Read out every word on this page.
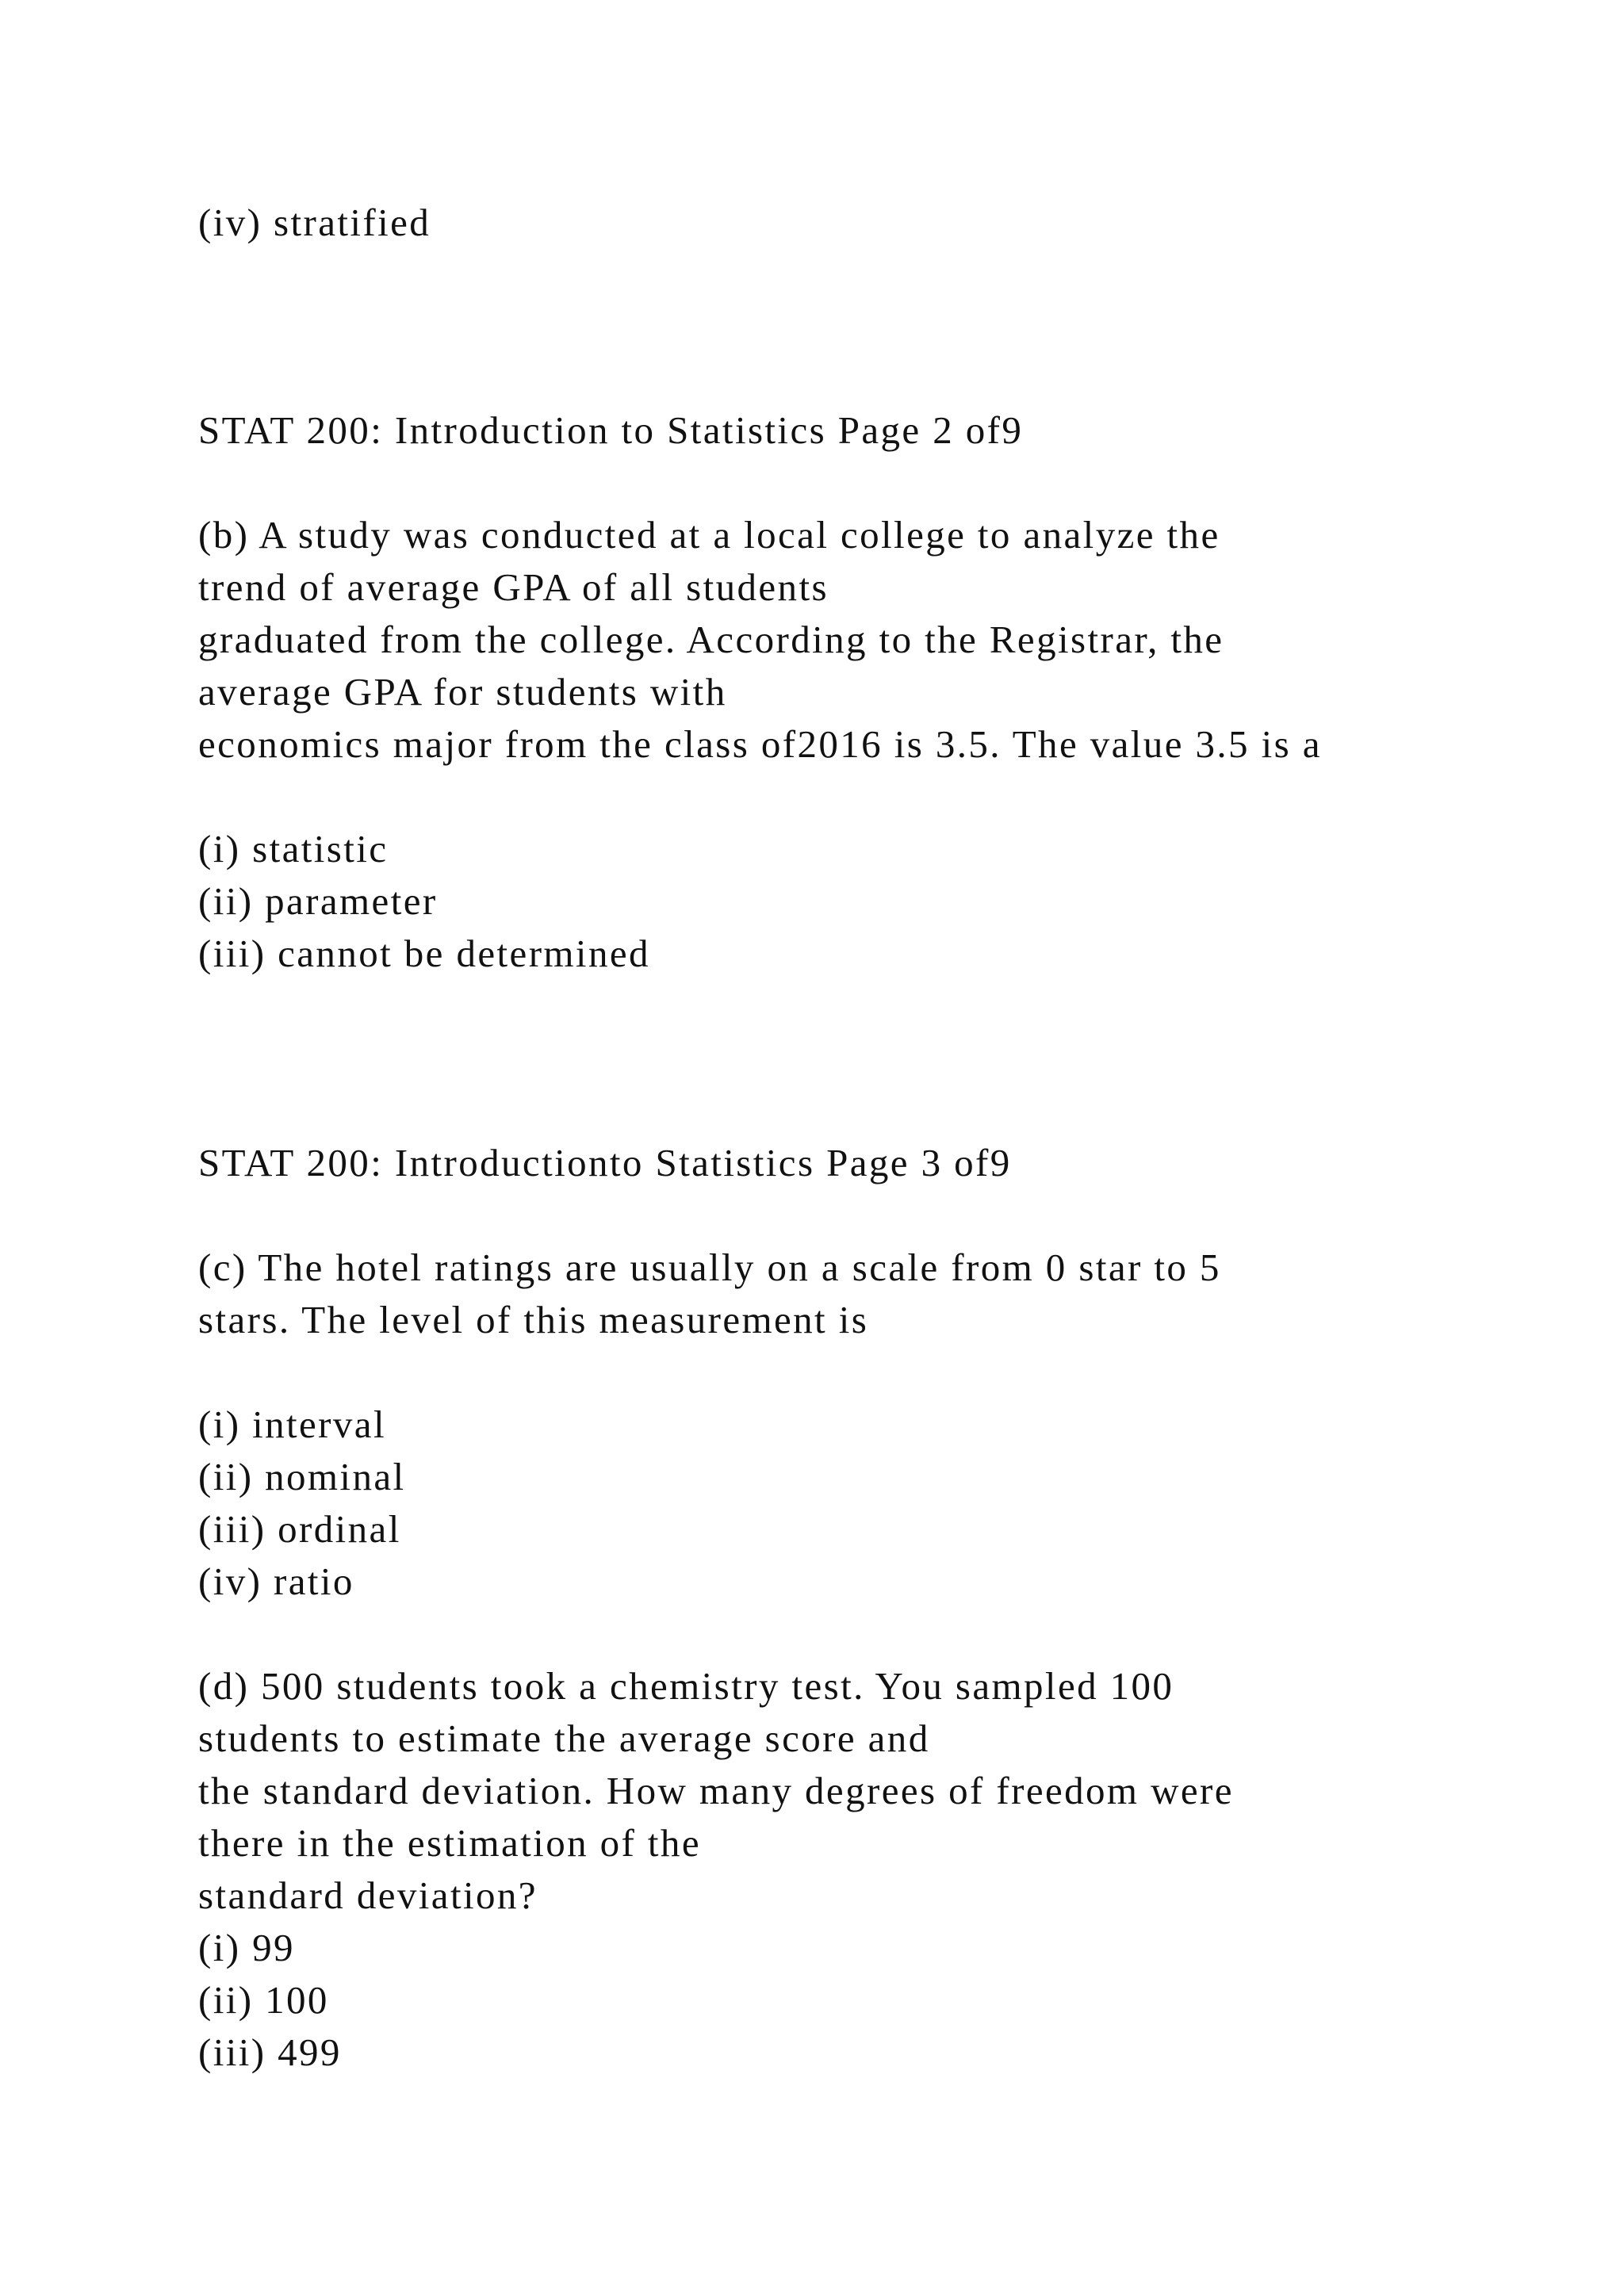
(iv) stratified

STAT 200: Introduction to Statistics Page 2 of9

(b) A study was conducted at a local college to analyze the

trend of average GPA of all students

graduated from the college. According to the Registrar, the

average GPA for students with

economics major from the class of2016 is 3.5. The value 3.5 is a

(i) statistic

(ii) parameter

(iii) cannot be determined

STAT 200: Introductionto Statistics Page 3 of9

(c) The hotel ratings are usually on a scale from 0 star to 5

stars. The level of this measurement is

(i) interval

(ii) nominal

(iii) ordinal

(iv) ratio

(d) 500 students took a chemistry test. You sampled 100

students to estimate the average score and

the standard deviation. How many degrees of freedom were

there in the estimation of the

standard deviation?

(i) 99

(ii) 100

(iii) 499
